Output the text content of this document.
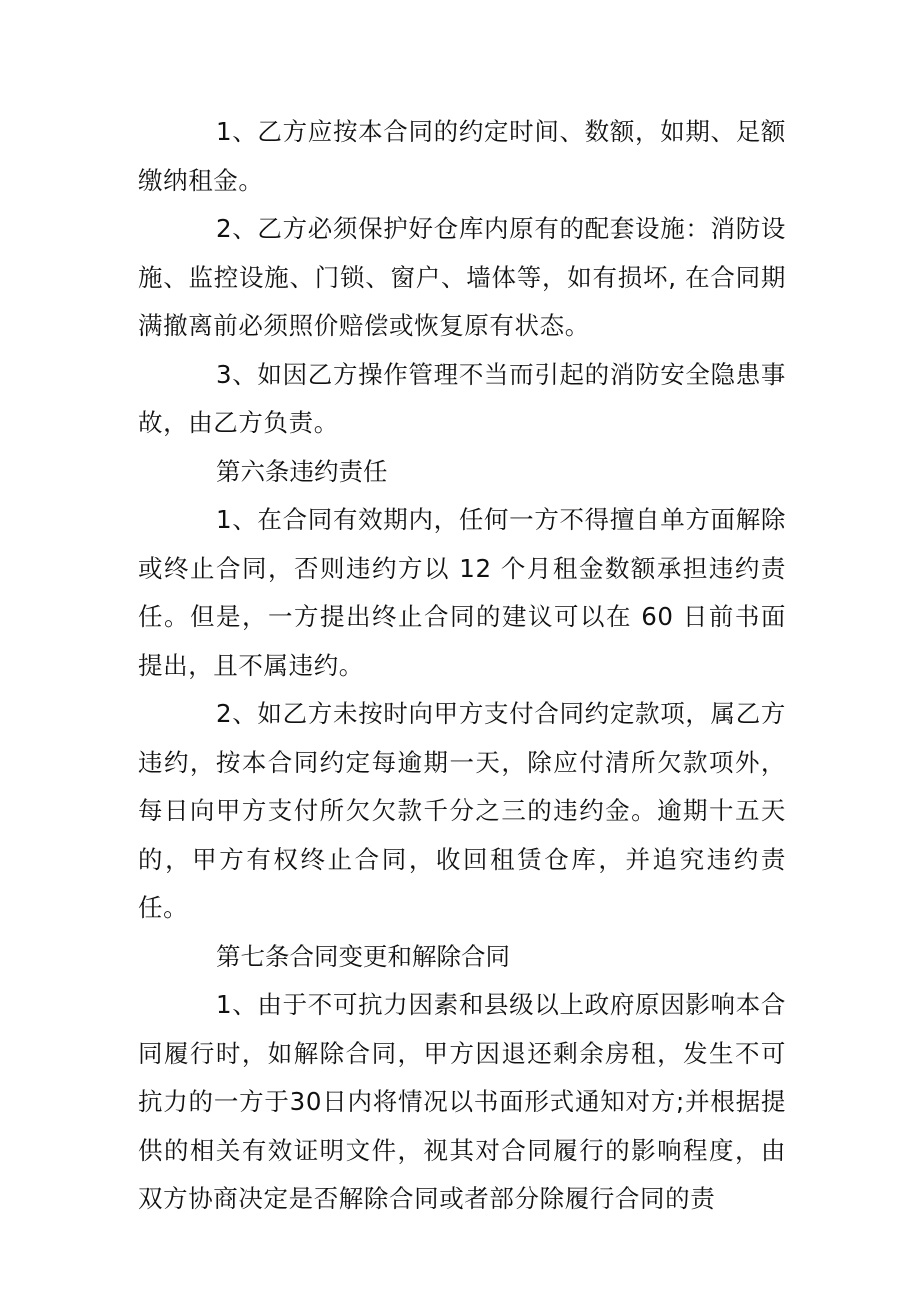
1、乙方应按本合同的约定时间、数额，如期、足额缴纳租金。

2、乙方必须保护好仓库内原有的配套设施：消防设施、监控设施、门锁、窗户、墙体等，如有损坏, 在合同期满撤离前必须照价赔偿或恢复原有状态。

3、如因乙方操作管理不当而引起的消防安全隐患事故，由乙方负责。

第六条违约责任

1、在合同有效期内，任何一方不得擅自单方面解除或终止合同，否则违约方以 12 个月租金数额承担违约责任。但是，一方提出终止合同的建议可以在 60 日前书面提出，且不属违约。

2、如乙方未按时向甲方支付合同约定款项，属乙方违约，按本合同约定每逾期一天，除应付清所欠款项外，每日向甲方支付所欠欠款千分之三的违约金。逾期十五天的，甲方有权终止合同，收回租赁仓库，并追究违约责任。

第七条合同变更和解除合同

1、由于不可抗力因素和县级以上政府原因影响本合同履行时，如解除合同，甲方因退还剩余房租，发生不可抗力的一方于30日内将情况以书面形式通知对方;并根据提供的相关有效证明文件，视其对合同履行的影响程度，由双方协商决定是否解除合同或者部分除履行合同的责
